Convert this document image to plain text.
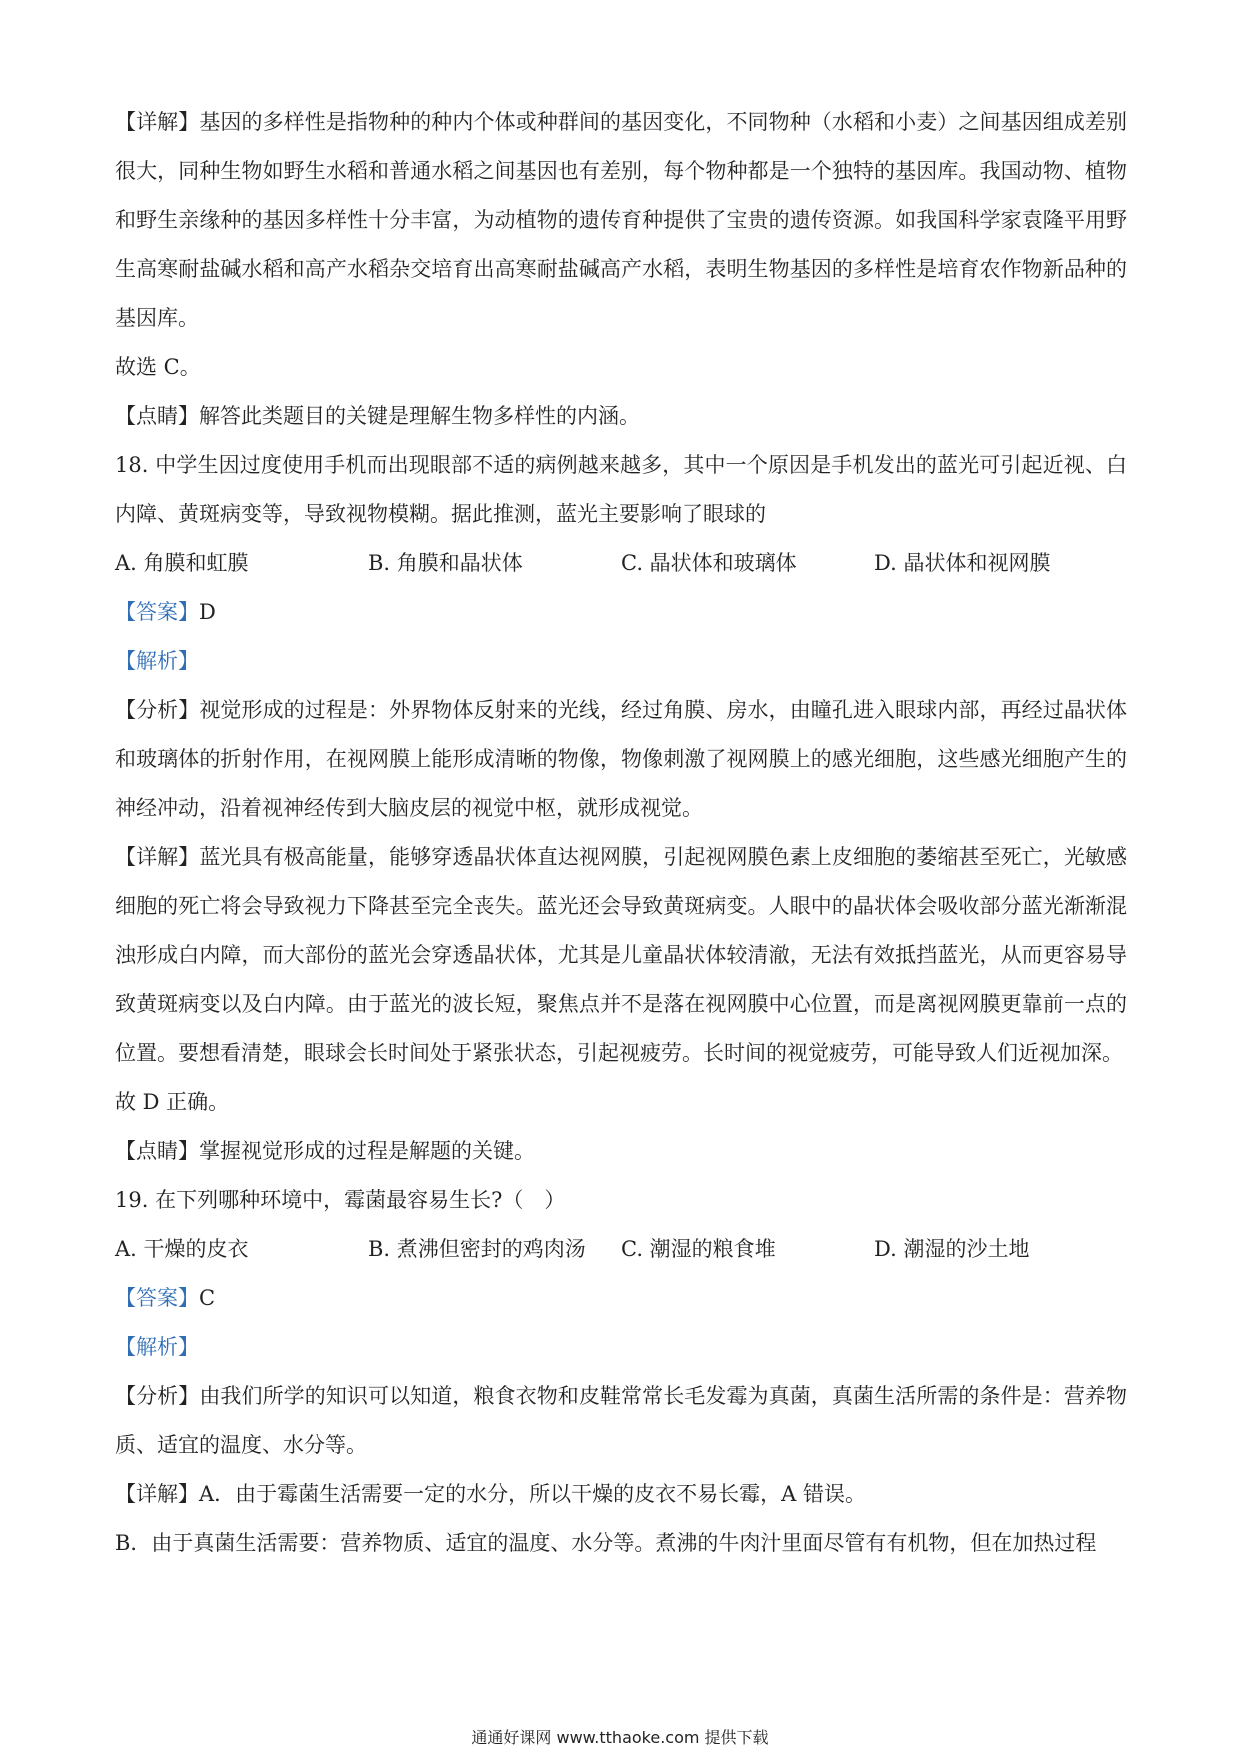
【详解】基因的多样性是指物种的种内个体或种群间的基因变化，不同物种（水稻和小麦）之间基因组成差别很大，同种生物如野生水稻和普通水稻之间基因也有差别，每个物种都是一个独特的基因库。我国动物、植物和野生亲缘种的基因多样性十分丰富，为动植物的遗传育种提供了宝贵的遗传资源。如我国科学家袁隆平用野生高寒耐盐碱水稻和高产水稻杂交培育出高寒耐盐碱高产水稻，表明生物基因的多样性是培育农作物新品种的基因库。

故选 C。

【点睛】解答此类题目的关键是理解生物多样性的内涵。

18. 中学生因过度使用手机而出现眼部不适的病例越来越多，其中一个原因是手机发出的蓝光可引起近视、白内障、黄斑病变等，导致视物模糊。据此推测，蓝光主要影响了眼球的

A. 角膜和虹膜	B. 角膜和晶状体	C. 晶状体和玻璃体	D. 晶状体和视网膜

【答案】D

【解析】

【分析】视觉形成的过程是：外界物体反射来的光线，经过角膜、房水，由瞳孔进入眼球内部，再经过晶状体和玻璃体的折射作用，在视网膜上能形成清晰的物像，物像刺激了视网膜上的感光细胞，这些感光细胞产生的神经冲动，沿着视神经传到大脑皮层的视觉中枢，就形成视觉。

【详解】蓝光具有极高能量，能够穿透晶状体直达视网膜，引起视网膜色素上皮细胞的萎缩甚至死亡，光敏感细胞的死亡将会导致视力下降甚至完全丧失。蓝光还会导致黄斑病变。人眼中的晶状体会吸收部分蓝光渐渐混浊形成白内障，而大部份的蓝光会穿透晶状体，尤其是儿童晶状体较清澈，无法有效抵挡蓝光，从而更容易导致黄斑病变以及白内障。由于蓝光的波长短，聚焦点并不是落在视网膜中心位置，而是离视网膜更靠前一点的位置。要想看清楚，眼球会长时间处于紧张状态，引起视疲劳。长时间的视觉疲劳，可能导致人们近视加深。

故 D 正确。

【点睛】掌握视觉形成的过程是解题的关键。

19. 在下列哪种环境中，霉菌最容易生长?（　）

A. 干燥的皮衣	B. 煮沸但密封的鸡肉汤	C. 潮湿的粮食堆	D. 潮湿的沙土地

【答案】C

【解析】

【分析】由我们所学的知识可以知道，粮食衣物和皮鞋常常长毛发霉为真菌，真菌生活所需的条件是：营养物质、适宜的温度、水分等。

【详解】A．由于霉菌生活需要一定的水分，所以干燥的皮衣不易长霉，A 错误。

B．由于真菌生活需要：营养物质、适宜的温度、水分等。煮沸的牛肉汁里面尽管有有机物，但在加热过程

通通好课网 www.tthaoke.com 提供下载
